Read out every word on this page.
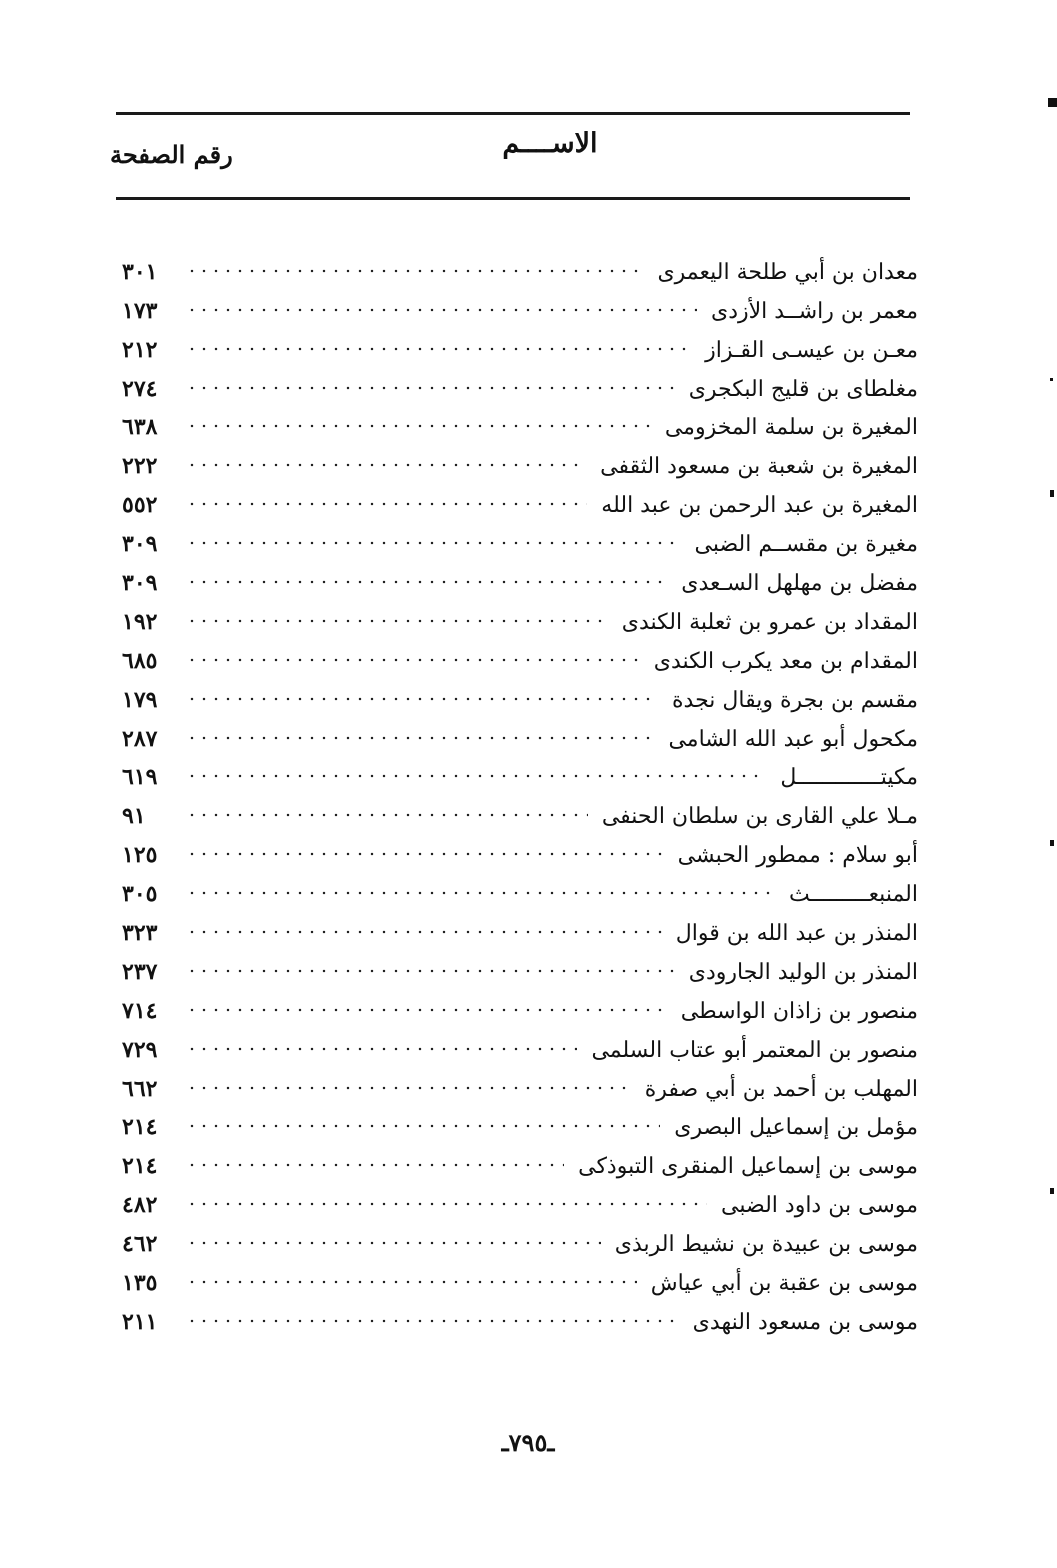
الاســــم
رقم الصفحة
٣٠١	معدان بن أبي طلحة اليعمرى
١٧٣	معمر بن راشــد الأزدى
٢١٢	معـن بن عيسـى القـزاز
٢٧٤	مغلطاى بن قليج البكجرى
٦٣٨	المغيرة بن سلمة المخزومى
٢٢٢	المغيرة بن شعبة بن مسعود الثقفى
٥٥٢	المغيرة بن عبد الرحمن بن عبد الله
٣٠٩	مغيرة بن مقســم الضبى
٣٠٩	مفضل بن مهلهل السـعدى
١٩٢	المقداد بن عمرو بن ثعلبة الكندى
٦٨٥	المقدام بن معد يكرب الكندى
١٧٩	مقسم بن بجرة ويقال نجدة
٢٨٧	مكحول أبو عبد الله الشامى
٦١٩	مكيتـــــــــــــل
٩١	مـلا علي القارى بن سلطان الحنفى
١٢٥	أبو سلام : ممطور الحبشى
٣٠٥	المنبعـــــــــث
٣٢٣	المنذر بن عبد الله بن قوال
٢٣٧	المنذر بن الوليد الجارودى
٧١٤	منصور بن زاذان الواسطى
٧٢٩	منصور بن المعتمر أبو عتاب السلمى
٦٦٢	المهلب بن أحمد بن أبي صفرة
٢١٤	مؤمل بن إسماعيل البصرى
٢١٤	موسى بن إسماعيل المنقرى التبوذكى
٤٨٢	موسى بن داود الضبى
٤٦٢	موسى بن عبيدة بن نشيط الربذى
١٣٥	موسى بن عقبة بن أبي عياش
٢١١	موسى بن مسعود النهدى
ـ٧٩٥ـ
